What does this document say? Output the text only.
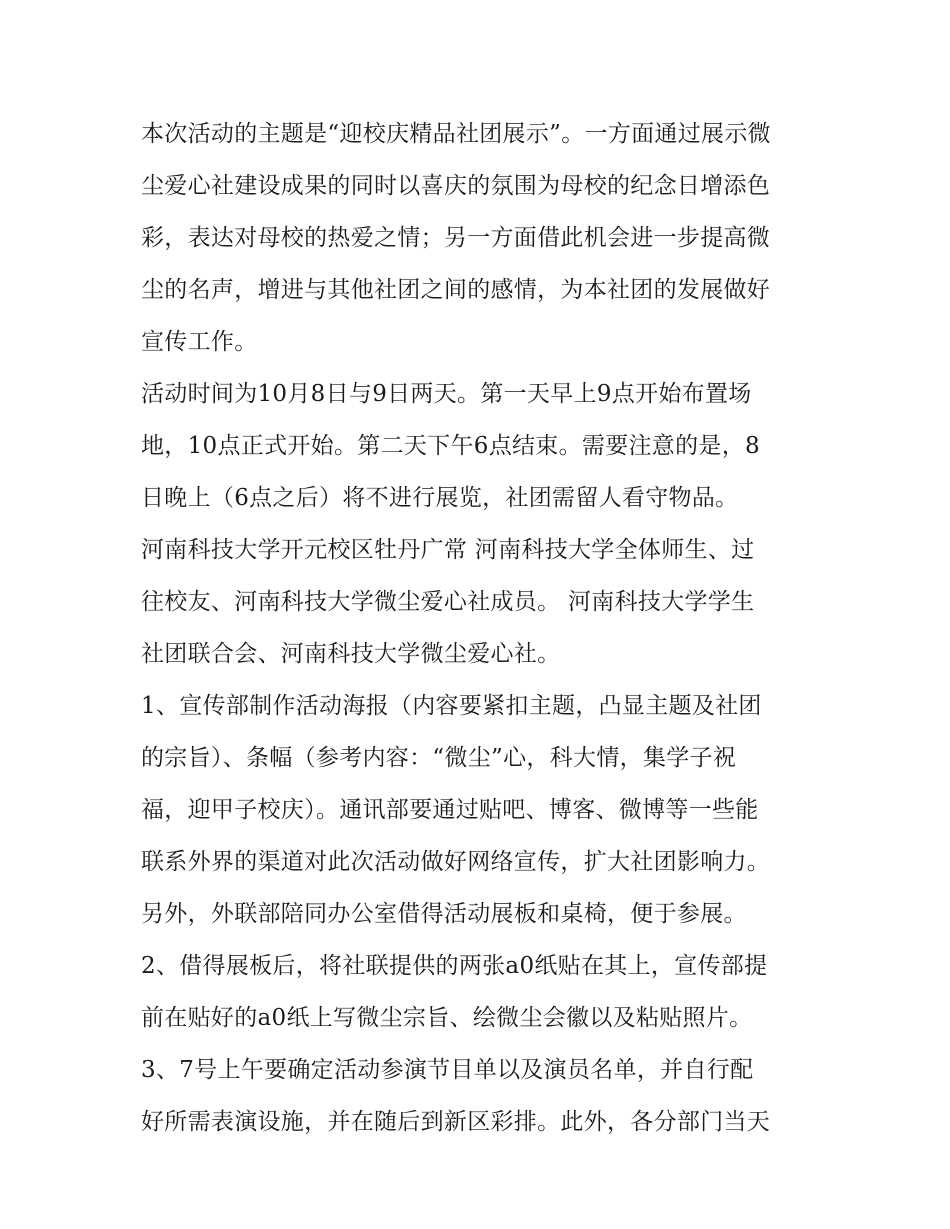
本次活动的主题是“迎校庆精品社团展示”。一方面通过展示微
尘爱心社建设成果的同时以喜庆的氛围为母校的纪念日增添色
彩，表达对母校的热爱之情；另一方面借此机会进一步提高微
尘的名声，增进与其他社团之间的感情，为本社团的发展做好
宣传工作。
活动时间为10月8日与9日两天。第一天早上9点开始布置场
地，10点正式开始。第二天下午6点结束。需要注意的是，8
日晚上（6点之后）将不进行展览，社团需留人看守物品。
河南科技大学开元校区牡丹广常 河南科技大学全体师生、过
往校友、河南科技大学微尘爱心社成员。 河南科技大学学生
社团联合会、河南科技大学微尘爱心社。
1、宣传部制作活动海报（内容要紧扣主题，凸显主题及社团
的宗旨）、条幅（参考内容：“微尘”心，科大情，集学子祝
福，迎甲子校庆）。通讯部要通过贴吧、博客、微博等一些能
联系外界的渠道对此次活动做好网络宣传，扩大社团影响力。
另外，外联部陪同办公室借得活动展板和桌椅，便于参展。
2、借得展板后，将社联提供的两张a0纸贴在其上，宣传部提
前在贴好的a0纸上写微尘宗旨、绘微尘会徽以及粘贴照片。
3、7号上午要确定活动参演节目单以及演员名单，并自行配
好所需表演设施，并在随后到新区彩排。此外，各分部门当天
